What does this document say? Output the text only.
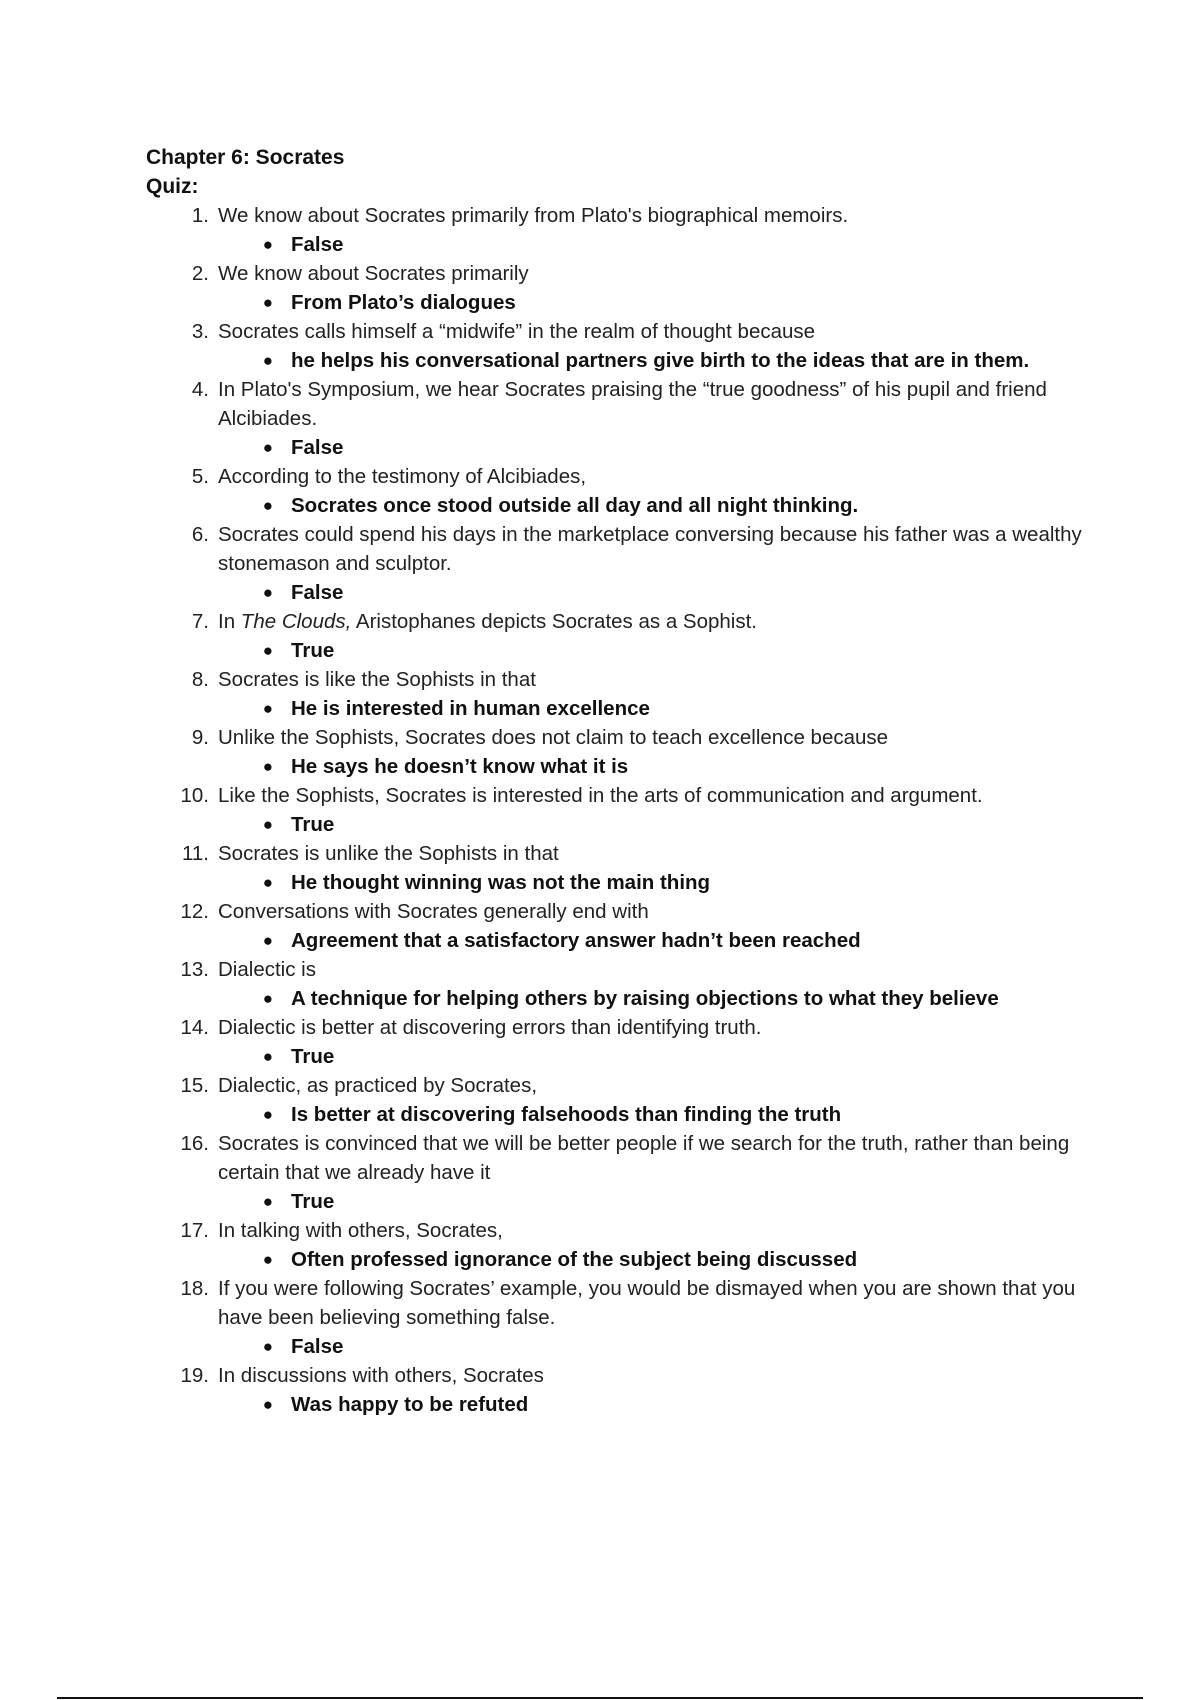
Chapter 6: Socrates
Quiz:
1. We know about Socrates primarily from Plato's biographical memoirs.
● False
2. We know about Socrates primarily
● From Plato’s dialogues
3. Socrates calls himself a “midwife” in the realm of thought because
● he helps his conversational partners give birth to the ideas that are in them.
4. In Plato's Symposium, we hear Socrates praising the “true goodness” of his pupil and friend Alcibiades.
● False
5. According to the testimony of Alcibiades,
● Socrates once stood outside all day and all night thinking.
6. Socrates could spend his days in the marketplace conversing because his father was a wealthy stonemason and sculptor.
● False
7. In The Clouds, Aristophanes depicts Socrates as a Sophist.
● True
8. Socrates is like the Sophists in that
● He is interested in human excellence
9. Unlike the Sophists, Socrates does not claim to teach excellence because
● He says he doesn’t know what it is
10. Like the Sophists, Socrates is interested in the arts of communication and argument.
● True
11. Socrates is unlike the Sophists in that
● He thought winning was not the main thing
12. Conversations with Socrates generally end with
● Agreement that a satisfactory answer hadn’t been reached
13. Dialectic is
● A technique for helping others by raising objections to what they believe
14. Dialectic is better at discovering errors than identifying truth.
● True
15. Dialectic, as practiced by Socrates,
● Is better at discovering falsehoods than finding the truth
16. Socrates is convinced that we will be better people if we search for the truth, rather than being certain that we already have it
● True
17. In talking with others, Socrates,
● Often professed ignorance of the subject being discussed
18. If you were following Socrates’ example, you would be dismayed when you are shown that you have been believing something false.
● False
19. In discussions with others, Socrates
● Was happy to be refuted
